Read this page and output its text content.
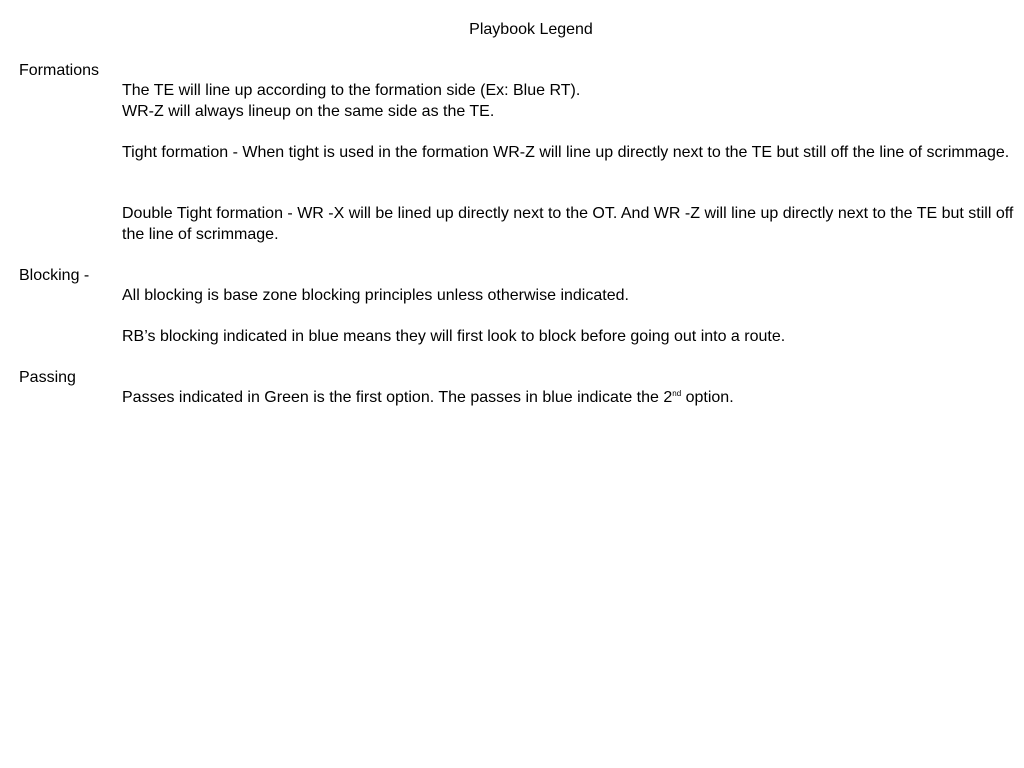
Playbook Legend
Formations

The TE will line up according to the formation side (Ex: Blue RT).

WR-Z will always lineup on the same side as the TE.

Tight formation - When tight is used in the formation WR-Z will line up directly next to the TE but still off the line of scrimmage.

Double Tight formation - WR -X will be lined up directly next to the OT. And WR -Z will line up directly next to the TE but still off the line of scrimmage.

Blocking -

All blocking is base zone blocking principles unless otherwise indicated.

RB’s blocking indicated in blue means they will first look to block before going out into a route.

Passing

Passes indicated in Green is the first option. The passes in blue indicate the 2nd option.
